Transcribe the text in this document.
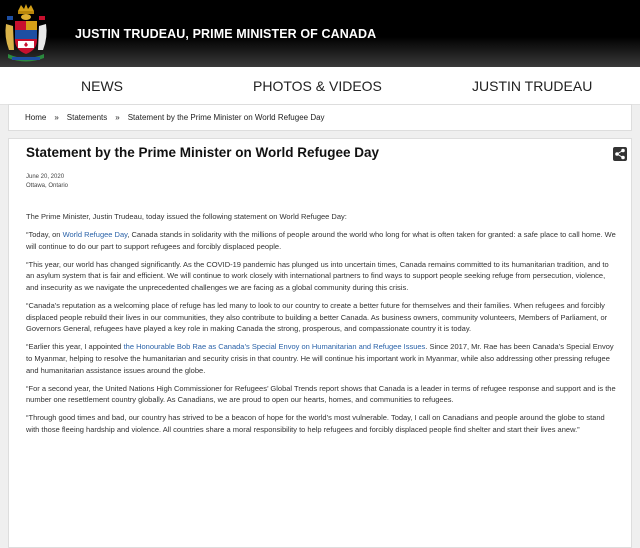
JUSTIN TRUDEAU, PRIME MINISTER OF CANADA
NEWS	PHOTOS & VIDEOS	JUSTIN TRUDEAU
Home » Statements » Statement by the Prime Minister on World Refugee Day
Statement by the Prime Minister on World Refugee Day
June 20, 2020
Ottawa, Ontario

The Prime Minister, Justin Trudeau, today issued the following statement on World Refugee Day:

“Today, on World Refugee Day, Canada stands in solidarity with the millions of people around the world who long for what is often taken for granted: a safe place to call home. We will continue to do our part to support refugees and forcibly displaced people.

“This year, our world has changed significantly. As the COVID-19 pandemic has plunged us into uncertain times, Canada remains committed to its humanitarian tradition, and to an asylum system that is fair and efficient. We will continue to work closely with international partners to find ways to support people seeking refuge from persecution, violence, and insecurity as we navigate the unprecedented challenges we are facing as a global community during this crisis.

“Canada’s reputation as a welcoming place of refuge has led many to look to our country to create a better future for themselves and their families. When refugees and forcibly displaced people rebuild their lives in our communities, they also contribute to building a better Canada. As business owners, community volunteers, Members of Parliament, or Governors General, refugees have played a key role in making Canada the strong, prosperous, and compassionate country it is today.

“Earlier this year, I appointed the Honourable Bob Rae as Canada’s Special Envoy on Humanitarian and Refugee Issues. Since 2017, Mr. Rae has been Canada’s Special Envoy to Myanmar, helping to resolve the humanitarian and security crisis in that country. He will continue his important work in Myanmar, while also addressing other pressing refugee and humanitarian assistance issues around the globe.

“For a second year, the United Nations High Commissioner for Refugees’ Global Trends report shows that Canada is a leader in terms of refugee response and support and is the number one resettlement country globally. As Canadians, we are proud to open our hearts, homes, and communities to refugees.

“Through good times and bad, our country has strived to be a beacon of hope for the world’s most vulnerable. Today, I call on Canadians and people around the globe to stand with those fleeing hardship and violence. All countries share a moral responsibility to help refugees and forcibly displaced people find shelter and start their lives anew.”
